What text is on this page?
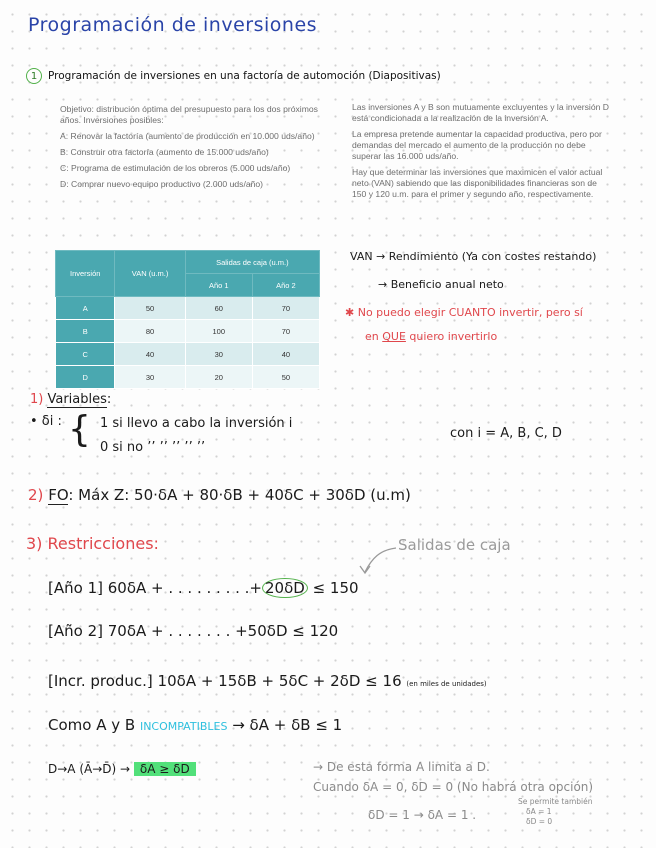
Programación de inversiones
1	Programación de inversiones en una factoría de automoción (Diapositivas)

Objetivo: distribución óptima del presupuesto para los dos próximos años. Inversiones posibles:

A: Renovar la factoría (aumento de producción en 10.000 uds/año)

B: Construir otra factoría (aumento de 15.000 uds/año)

C: Programa de estimulación de los obreros (5.000 uds/año)

D: Comprar nuevo equipo productivo (2.000 uds/año)

Las inversiones A y B son mutuamente excluyentes y la inversión D está condicionada a la realización de la inversión A.

La empresa pretende aumentar la capacidad productiva, pero por demandas del mercado el aumento de la producción no debe superar las 16.000 uds/año.

Hay que determinar las inversiones que maximicen el valor actual neto (VAN) sabiendo que las disponibilidades financieras son de 150 y 120 u.m. para el primer y segundo año, respectivamente.

Inversión	VAN (u.m.)	Salidas de caja (u.m.)	
		Año 1	Año 2
A	50	60	70
B	80	100	70
C	40	30	40
D	30	20	50
VAN → Rendimiento (Ya con costes restando)
→ Beneficio anual neto
✱ No puedo elegir CUANTO invertir, pero sí
en QUE quiero invertirlo
1) Variables:
• δi : { 1 si llevo a cabo la inversión i
0 si no ’’ ’’ ’’ ’’ ’’
con i = A, B, C, D
2) FO: Máx Z: 50·δA + 80·δB + 40δC + 30δD (u.m)
3) Restricciones:	Salidas de caja
[Año 1] 60δA + . . . . . . . . .+ 20δD ≤ 150
[Año 2] 70δA + . . . . . . . +50δD ≤ 120
[Incr. produc.] 10δA + 15δB + 5δC + 2δD ≤ 16 (en miles de unidades)
Como A y B INCOMPATIBLES → δA + δB ≤ 1
D→A (Ā→D̄) → δA ≥ δD	→ De esta forma A limita a D.
Cuando δA = 0, δD = 0 (No habrá otra opción)
δD = 1 → δA = 1 .
Se permite también
δA = 1
δD = 0
